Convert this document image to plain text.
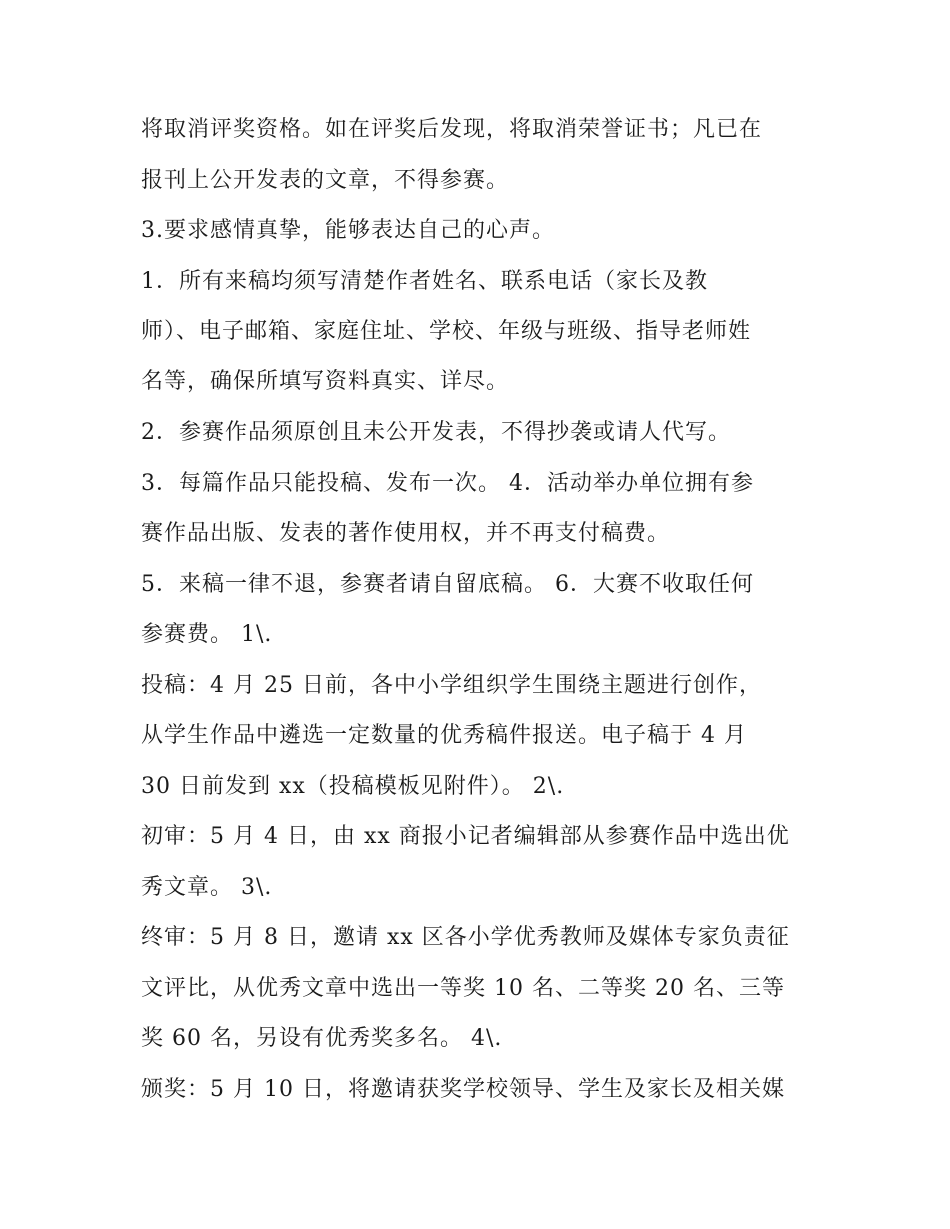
将取消评奖资格。如在评奖后发现，将取消荣誉证书；凡已在
报刊上公开发表的文章，不得参赛。
3.要求感情真挚，能够表达自己的心声。
1．所有来稿均须写清楚作者姓名、联系电话（家长及教
师）、电子邮箱、家庭住址、学校、年级与班级、指导老师姓
名等，确保所填写资料真实、详尽。
2．参赛作品须原创且未公开发表，不得抄袭或请人代写。
3．每篇作品只能投稿、发布一次。 4．活动举办单位拥有参
赛作品出版、发表的著作使用权，并不再支付稿费。
5．来稿一律不退，参赛者请自留底稿。 6．大赛不收取任何
参赛费。 1\.
投稿：4 月 25 日前，各中小学组织学生围绕主题进行创作，
从学生作品中遴选一定数量的优秀稿件报送。电子稿于 4 月
30 日前发到 xx（投稿模板见附件）。 2\.
初审：5 月 4 日，由 xx 商报小记者编辑部从参赛作品中选出优
秀文章。 3\.
终审：5 月 8 日，邀请 xx 区各小学优秀教师及媒体专家负责征
文评比，从优秀文章中选出一等奖 10 名、二等奖 20 名、三等
奖 60 名，另设有优秀奖多名。 4\.
颁奖：5 月 10 日，将邀请获奖学校领导、学生及家长及相关媒
